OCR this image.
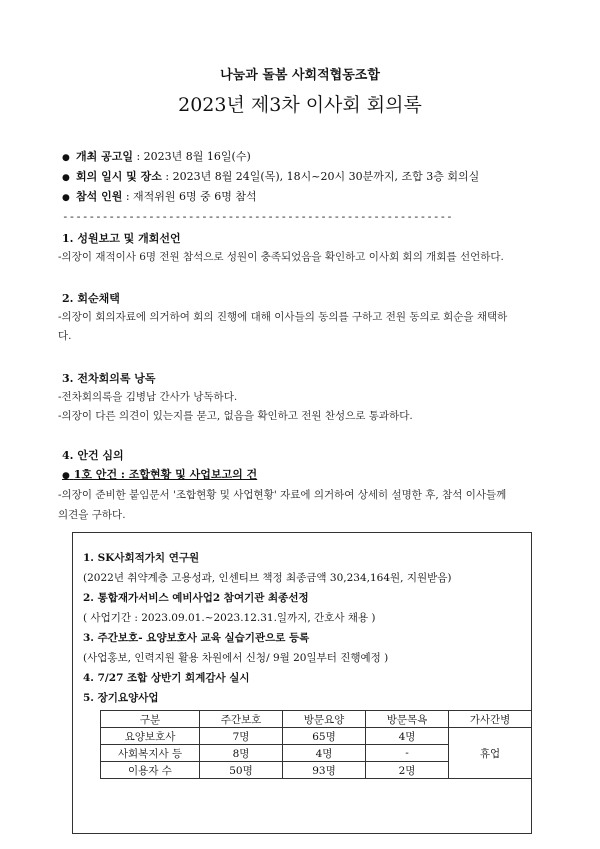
나눔과 돌봄 사회적협동조합
2023년 제3차 이사회 회의록
● 개최 공고일 : 2023년 8월 16일(수)
● 회의 일시 및 장소 : 2023년 8월 24일(목), 18시~20시 30분까지, 조합 3층 회의실
● 참석 인원 : 재적위원 6명 중 6명 참석
-----------------------------------------------------------
1. 성원보고 및 개회선언
-의장이 재적이사 6명 전원 참석으로 성원이 충족되었음을 확인하고 이사회 회의 개회를 선언하다.
2. 회순채택
-의장이 회의자료에 의거하여 회의 진행에 대해 이사들의 동의를 구하고 전원 동의로 회순을 채택하
다.
3. 전차회의록 낭독
-전차회의록을 김병남 간사가 낭독하다.
-의장이 다른 의견이 있는지를 묻고, 없음을 확인하고 전원 찬성으로 통과하다.
4. 안건 심의
● 1호 안건 : 조합현황 및 사업보고의 건
-의장이 준비한 붙임문서 '조합현황 및 사업현황' 자료에 의거하여 상세히 설명한 후, 참석 이사들께
의견을 구하다.
1. SK사회적가치 연구원
(2022년 취약계층 고용성과, 인센티브 책정 최종금액 30,234,164원, 지원받음)
2. 통합재가서비스 예비사업2 참여기관 최종선정
( 사업기간 : 2023.09.01.~2023.12.31.일까지, 간호사 채용 )
3. 주간보호- 요양보호사 교육 실습기관으로 등록
(사업홍보, 인력지원 활용 차원에서 신청/ 9월 20일부터 진행예정 )
4. 7/27 조합 상반기 회계감사 실시
5. 장기요양사업
구분	주간보호	방문요양	방문목욕	가사간병
요양보호사	7명	65명	4명	휴업
사회복지사 등	8명	4명	-	
이용자 수	50명	93명	2명	
